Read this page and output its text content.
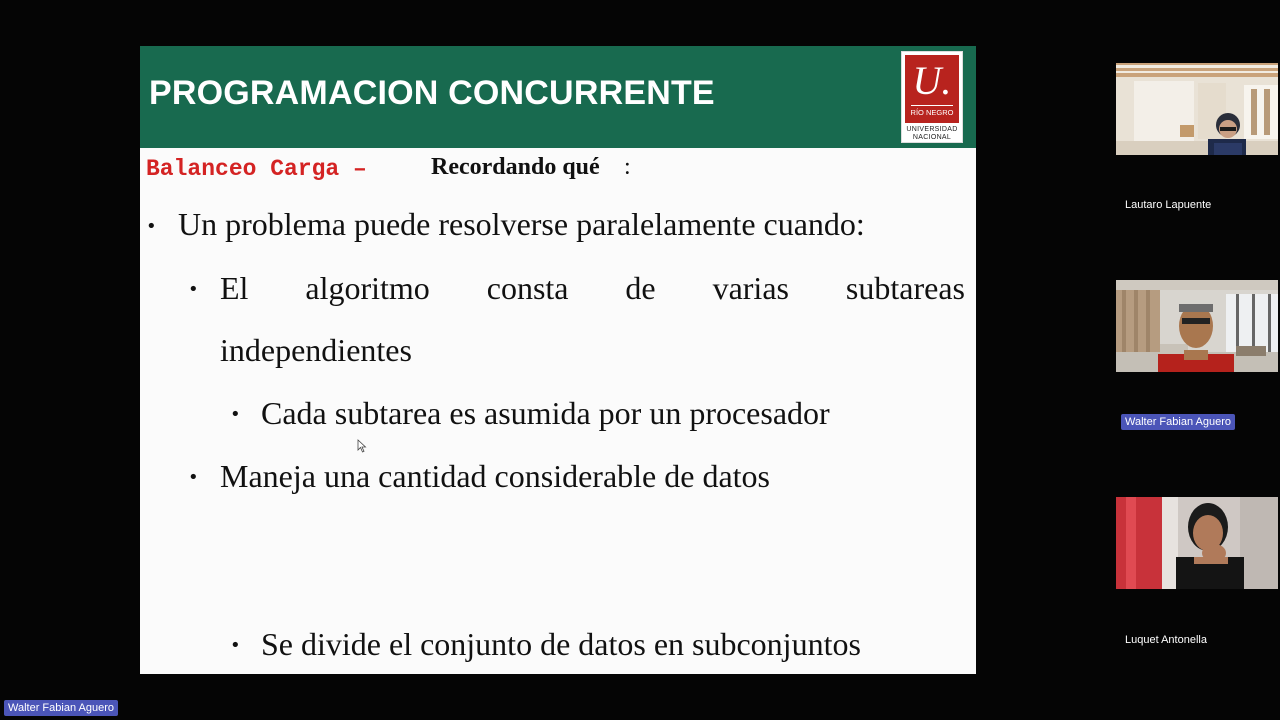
PROGRAMACION CONCURRENTE	U.
RÍO NEGRO
UNIVERSIDAD
NACIONAL
Balanceo Carga –	Recordando qué :
• Un problema puede resolverse paralelamente cuando:
• El algoritmo consta de varias subtareas
independientes
• Cada subtarea es asumida por un procesador
• Maneja una cantidad considerable de datos
• Se divide el conjunto de datos en subconjuntos
Lautaro Lapuente
Walter Fabian Aguero
Luquet Antonella
Walter Fabian Aguero
